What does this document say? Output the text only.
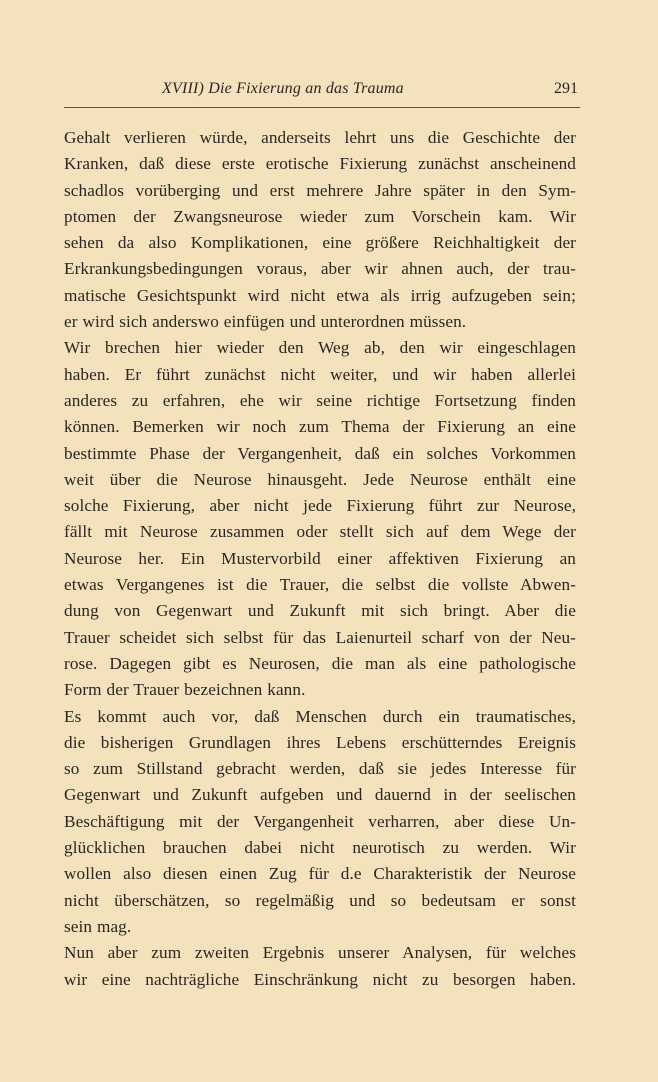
XVIII) Die Fixierung an das Trauma	291
Gehalt verlieren würde, anderseits lehrt uns die Geschichte der
Kranken, daß diese erste erotische Fixierung zunächst anscheinend
schadlos vorüberging und erst mehrere Jahre später in den Sym-
ptomen der Zwangsneurose wieder zum Vorschein kam. Wir
sehen da also Komplikationen, eine größere Reichhaltigkeit der
Erkrankungsbedingungen voraus, aber wir ahnen auch, der trau-
matische Gesichtspunkt wird nicht etwa als irrig aufzugeben sein;
er wird sich anderswo einfügen und unterordnen müssen.
Wir brechen hier wieder den Weg ab, den wir eingeschlagen
haben. Er führt zunächst nicht weiter, und wir haben allerlei
anderes zu erfahren, ehe wir seine richtige Fortsetzung finden
können. Bemerken wir noch zum Thema der Fixierung an eine
bestimmte Phase der Vergangenheit, daß ein solches Vorkommen
weit über die Neurose hinausgeht. Jede Neurose enthält eine
solche Fixierung, aber nicht jede Fixierung führt zur Neurose,
fällt mit Neurose zusammen oder stellt sich auf dem Wege der
Neurose her. Ein Mustervorbild einer affektiven Fixierung an
etwas Vergangenes ist die Trauer, die selbst die vollste Abwen-
dung von Gegenwart und Zukunft mit sich bringt. Aber die
Trauer scheidet sich selbst für das Laienurteil scharf von der Neu-
rose. Dagegen gibt es Neurosen, die man als eine pathologische
Form der Trauer bezeichnen kann.
Es kommt auch vor, daß Menschen durch ein traumatisches,
die bisherigen Grundlagen ihres Lebens erschütterndes Ereignis
so zum Stillstand gebracht werden, daß sie jedes Interesse für
Gegenwart und Zukunft aufgeben und dauernd in der seelischen
Beschäftigung mit der Vergangenheit verharren, aber diese Un-
glücklichen brauchen dabei nicht neurotisch zu werden. Wir
wollen also diesen einen Zug für d.e Charakteristik der Neurose
nicht überschätzen, so regelmäßig und so bedeutsam er sonst
sein mag.
Nun aber zum zweiten Ergebnis unserer Analysen, für welches
wir eine nachträgliche Einschränkung nicht zu besorgen haben.
